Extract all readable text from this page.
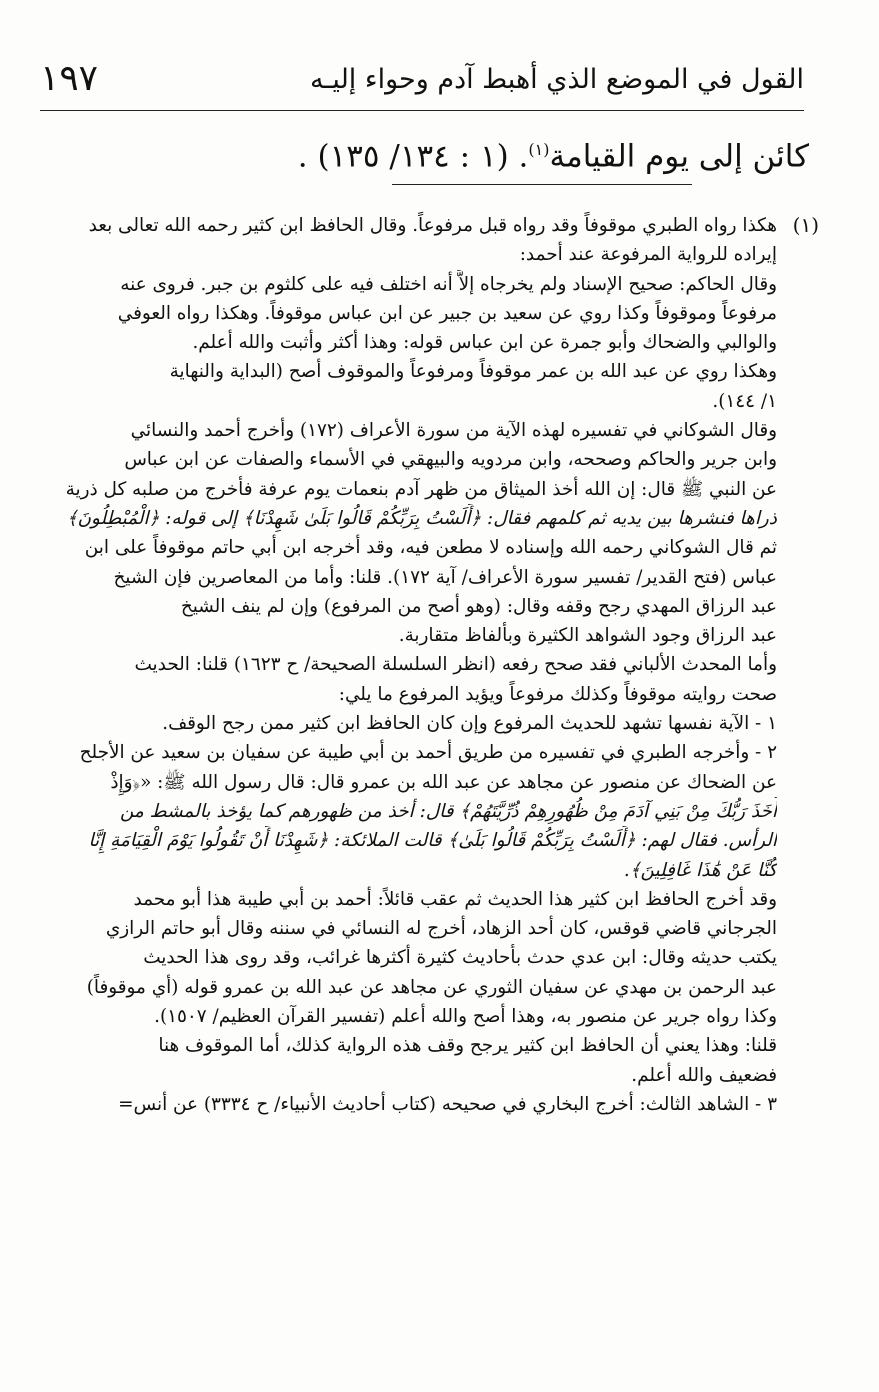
القول في الموضع الذي أهبط آدم وحواء إليـه
١٩٧
كائن إلى يوم القيامة$^{(١)}$. (١ : ١٣٤/ ١٣٥) .
(١)
هكذا رواه الطبري موقوفاً وقد رواه قبل مرفوعاً. وقال الحافظ ابن كثير رحمه الله تعالى بعد
إيراده للرواية المرفوعة عند أحمد:
وقال الحاكم: صحيح الإسناد ولم يخرجاه إلاَّ أنه اختلف فيه على كلثوم بن جبر. فروى عنه
مرفوعاً وموقوفاً وكذا روي عن سعيد بن جبير عن ابن عباس موقوفاً. وهكذا رواه العوفي
والوالبي والضحاك وأبو جمرة عن ابن عباس قوله: وهذا أكثر وأثبت والله أعلم.
وهكذا روي عن عبد الله بن عمر موقوفاً ومرفوعاً والموقوف أصح (البداية والنهاية
١/ ١٤٤).
وقال الشوكاني في تفسيره لهذه الآية من سورة الأعراف (١٧٢) وأخرج أحمد والنسائي
وابن جرير والحاكم وصححه، وابن مردويه والبيهقي في الأسماء والصفات عن ابن عباس
عن النبي ﷺ قال: إن الله أخذ الميثاق من ظهر آدم بنعمات يوم عرفة فأخرج من صلبه كل ذرية
ذراها فنشرها بين يديه ثم كلمهم فقال: ﴿أَلَسْتُ بِرَبِّكُمْ قَالُوا بَلَىٰ شَهِدْنَا﴾ إلى قوله: ﴿الْمُبْطِلُونَ﴾
ثم قال الشوكاني رحمه الله وإسناده لا مطعن فيه، وقد أخرجه ابن أبي حاتم موقوفاً على ابن
عباس (فتح القدير/ تفسير سورة الأعراف/ آية ١٧٢). قلنا: وأما من المعاصرين فإن الشيخ
عبد الرزاق المهدي رجح وقفه وقال: (وهو أصح من المرفوع) وإن لم ينف الشيخ
عبد الرزاق وجود الشواهد الكثيرة وبألفاظ متقاربة.
وأما المحدث الألباني فقد صحح رفعه (انظر السلسلة الصحيحة/ ح ١٦٢٣) قلنا: الحديث
صحت روايته موقوفاً وكذلك مرفوعاً ويؤيد المرفوع ما يلي:
١ - الآية نفسها تشهد للحديث المرفوع وإن كان الحافظ ابن كثير ممن رجح الوقف.
٢ - وأخرجه الطبري في تفسيره من طريق أحمد بن أبي طيبة عن سفيان بن سعيد عن الأجلح
عن الضحاك عن منصور عن مجاهد عن عبد الله بن عمرو قال: قال رسول الله ﷺ: «﴿وَإِذْ
أَخَذَ رَبُّكَ مِنْ بَنِي آدَمَ مِنْ ظُهُورِهِمْ ذُرِّيَّتَهُمْ﴾ قال: أخذ من ظهورهم كما يؤخذ بالمشط من
الرأس. فقال لهم: ﴿أَلَسْتُ بِرَبِّكُمْ قَالُوا بَلَىٰ﴾ قالت الملائكة: ﴿شَهِدْنَا أَنْ تَقُولُوا يَوْمَ الْقِيَامَةِ إِنَّا
كُنَّا عَنْ هَٰذَا غَافِلِينَ﴾.
وقد أخرج الحافظ ابن كثير هذا الحديث ثم عقب قائلاً: أحمد بن أبي طيبة هذا أبو محمد
الجرجاني قاضي قوقس، كان أحد الزهاد، أخرج له النسائي في سننه وقال أبو حاتم الرازي
يكتب حديثه وقال: ابن عدي حدث بأحاديث كثيرة أكثرها غرائب، وقد روى هذا الحديث
عبد الرحمن بن مهدي عن سفيان الثوري عن مجاهد عن عبد الله بن عمرو قوله (أي موقوفاً)
وكذا رواه جرير عن منصور به، وهذا أصح والله أعلم (تفسير القرآن العظيم/ ١٥٠٧).
قلنا: وهذا يعني أن الحافظ ابن كثير يرجح وقف هذه الرواية كذلك، أما الموقوف هنا
فضعيف والله أعلم.
٣ - الشاهد الثالث: أخرج البخاري في صحيحه (كتاب أحاديث الأنبياء/ ح ٣٣٣٤) عن أنس=
